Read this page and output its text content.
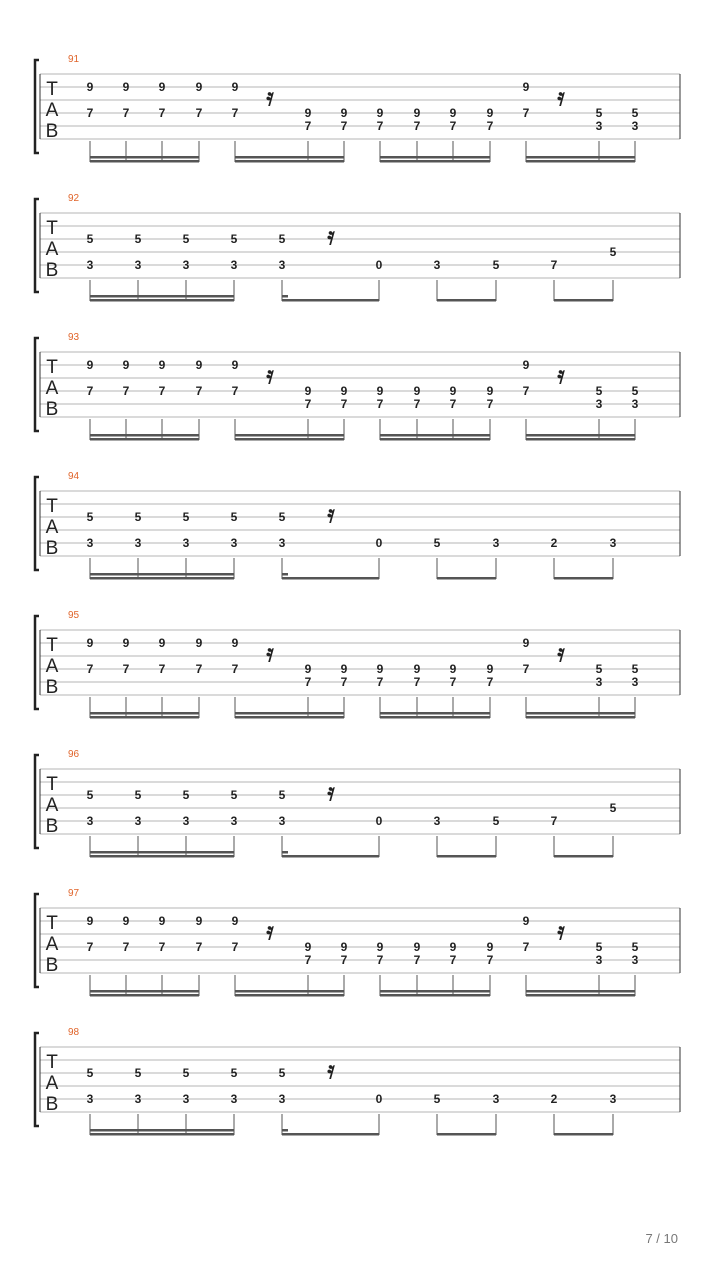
T
A
B
91
9
7
9
7
9
7
9
7
9
7
𝄿
9
7
9
7
9
7
9
7
9
7
9
7
9
7
𝄿
5
3
5
3
T
A
B
92
5
3
5
3
5
3
5
3
5
3
𝄿
0	3	5	7
5
T
A
B
93
9
7
9
7
9
7
9
7
9
7
𝄿
9
7
9
7
9
7
9
7
9
7
9
7
9
7
𝄿
5
3
5
3
T
A
B
94
5
3
5
3
5
3
5
3
5
3
𝄿
0	5	3	2	3
T
A
B
95
9
7
9
7
9
7
9
7
9
7
𝄿
9
7
9
7
9
7
9
7
9
7
9
7
9
7
𝄿
5
3
5
3
T
A
B
96
5
3
5
3
5
3
5
3
5
3
𝄿
0	3	5	7
5
T
A
B
97
9
7
9
7
9
7
9
7
9
7
𝄿
9
7
9
7
9
7
9
7
9
7
9
7
9
7
𝄿
5
3
5
3
T
A
B
98
5
3
5
3
5
3
5
3
5
3
𝄿
0	5	3	2	3
7 / 10
